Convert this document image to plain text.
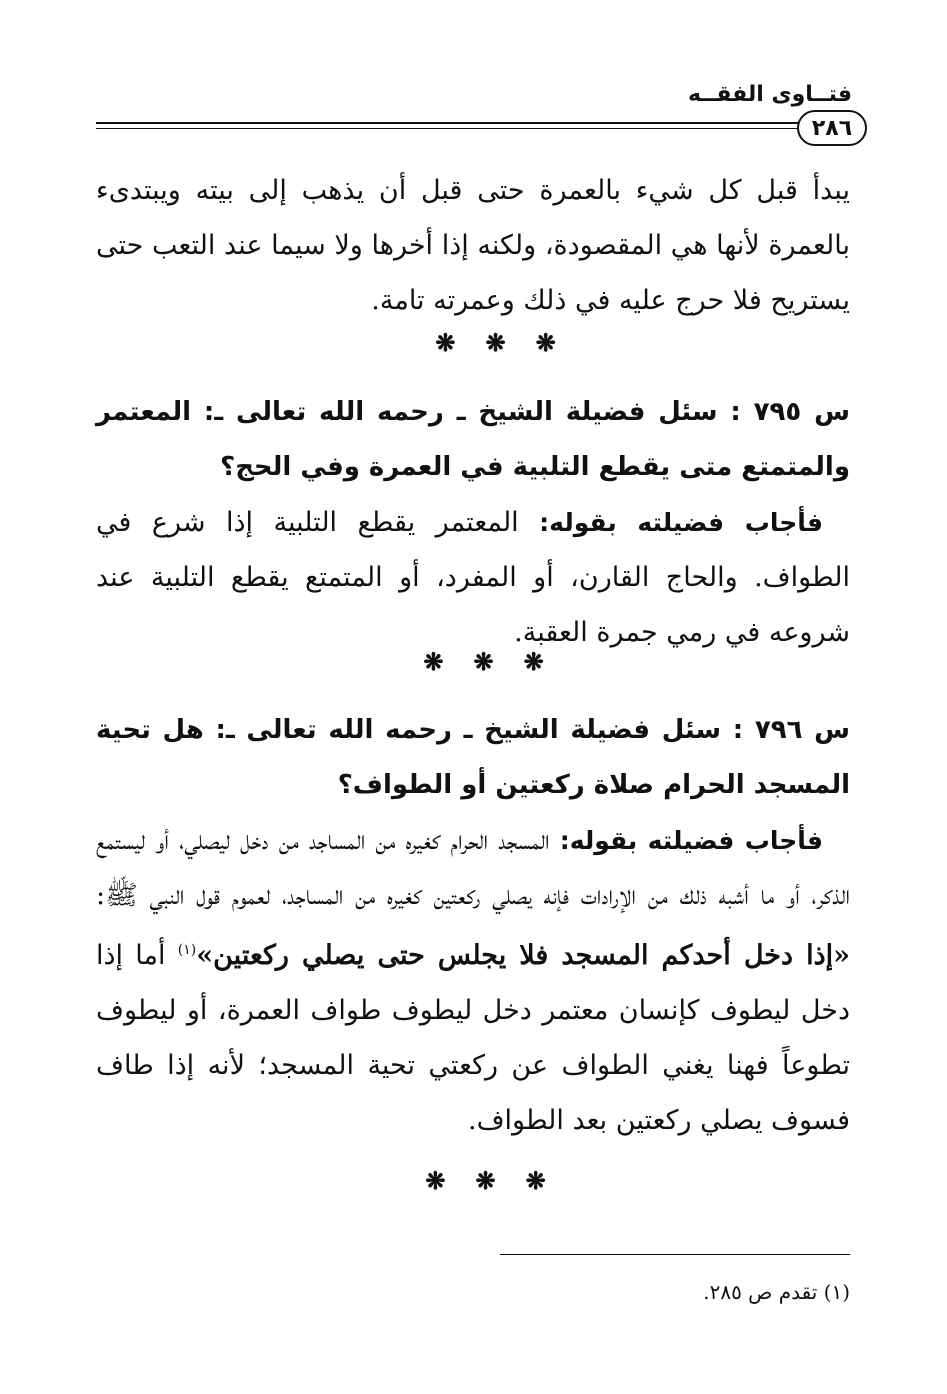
فتــاوى الفقــه
٢٨٦

يبدأ قبل كل شيء بالعمرة حتى قبل أن يذهب إلى بيته ويبتدىء بالعمرة لأنها هي المقصودة، ولكنه إذا أخرها ولا سيما عند التعب حتى يستريح فلا حرج عليه في ذلك وعمرته تامة.

❋
❋
❋

س ٧٩٥ : سئل فضيلة الشيخ ـ رحمه الله تعالى ـ: المعتمر والمتمتع متى يقطع التلبية في العمرة وفي الحج؟

 فأجاب فضيلته بقوله: المعتمر يقطع التلبية إذا شرع في الطواف. والحاج القارن، أو المفرد، أو المتمتع يقطع التلبية عند شروعه في رمي جمرة العقبة.

❋
❋
❋

س ٧٩٦ : سئل فضيلة الشيخ ـ رحمه الله تعالى ـ: هل تحية المسجد الحرام صلاة ركعتين أو الطواف؟

 فأجاب فضيلته بقوله: المسجد الحرام كغيره من المساجد من دخل ليصلي، أو ليستمع الذكر، أو ما أشبه ذلك من الإرادات فإنه يصلي ركعتين كغيره من المساجد، لعموم قول النبي ﷺ: «إذا دخل أحدكم المسجد فلا يجلس حتى يصلي ركعتين»$^{(١)}$ أما إذا دخل ليطوف كإنسان معتمر دخل ليطوف طواف العمرة، أو ليطوف تطوعاً فهنا يغني الطواف عن ركعتي تحية المسجد؛ لأنه إذا طاف فسوف يصلي ركعتين بعد الطواف.

❋
❋
❋
(١) تقدم ص ٢٨٥.
